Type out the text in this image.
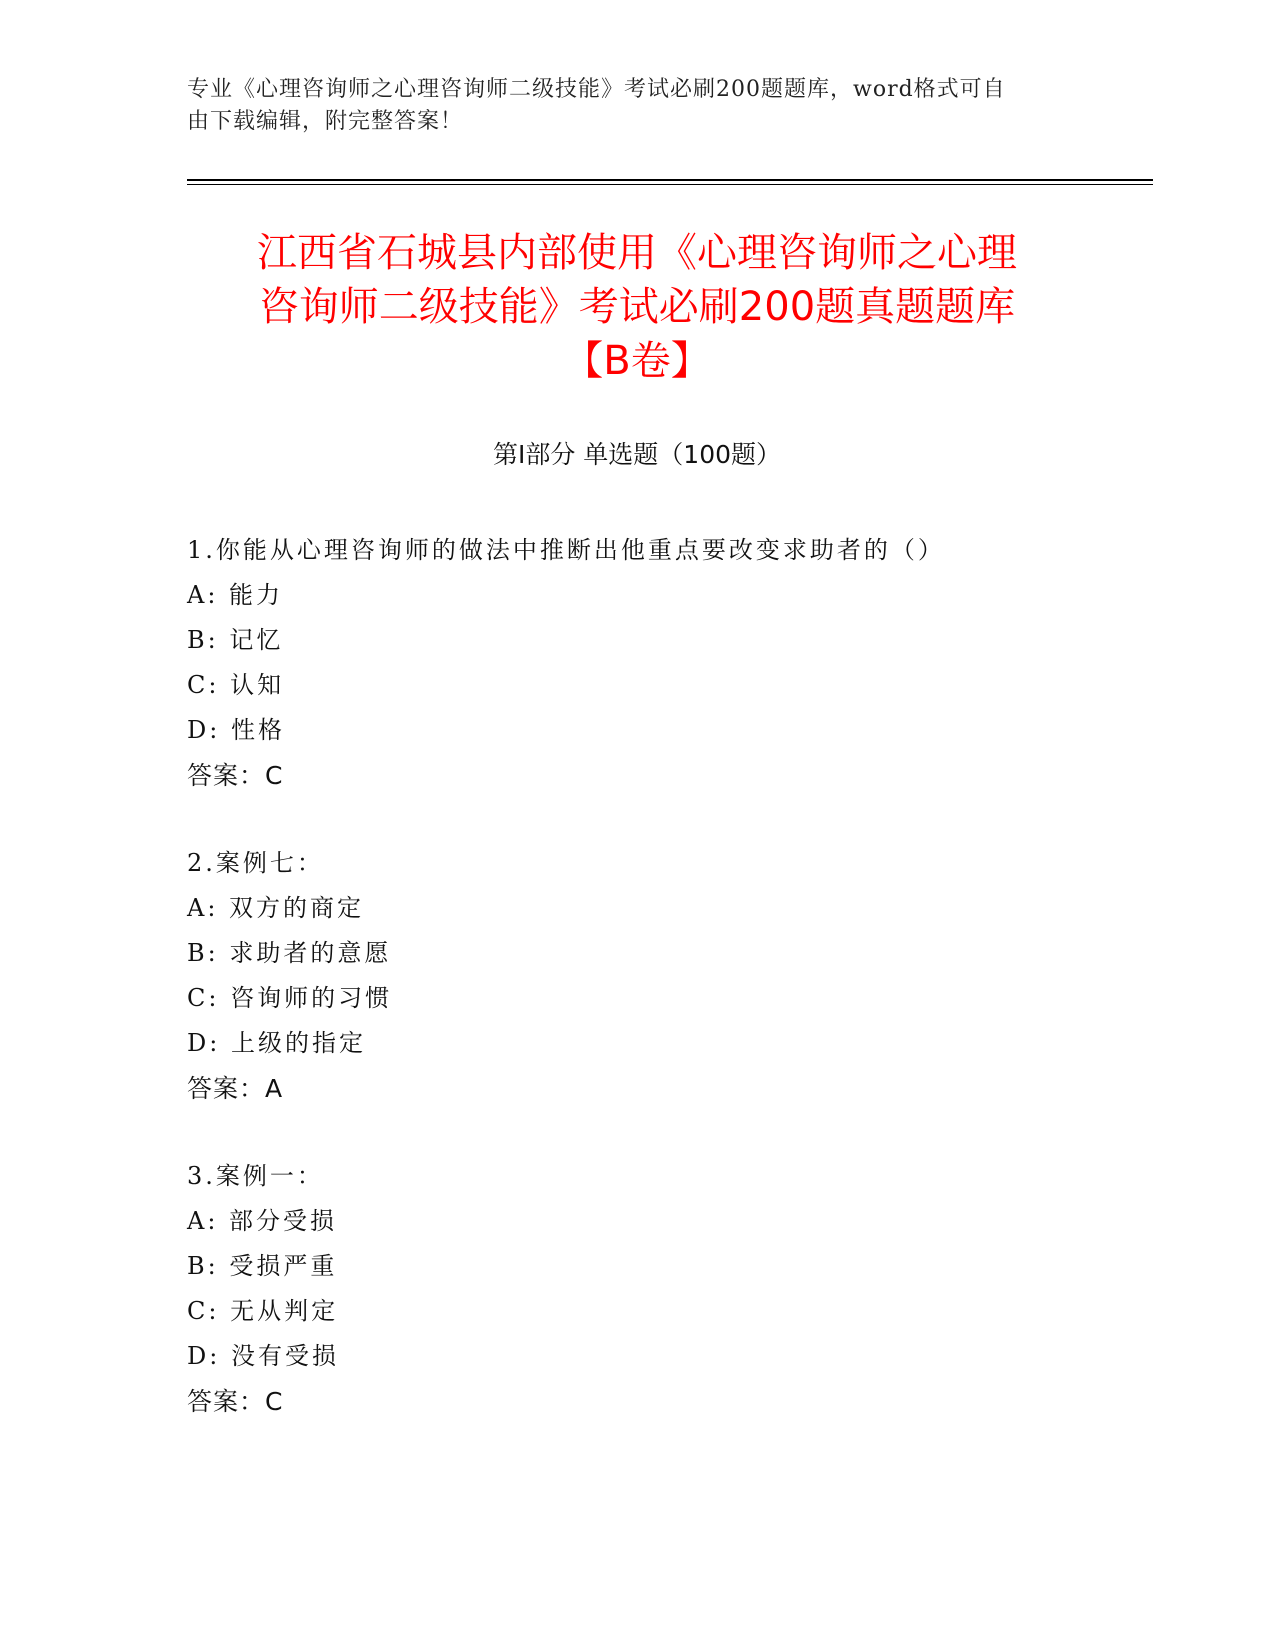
专业《心理咨询师之心理咨询师二级技能》考试必刷200题题库，word格式可自
由下载编辑，附完整答案！
江西省石城县内部使用《心理咨询师之心理
咨询师二级技能》考试必刷200题真题题库
【B卷】
第Ⅰ部分 单选题（100题）
1.你能从心理咨询师的做法中推断出他重点要改变求助者的（）
A: 能力
B: 记忆
C: 认知
D: 性格
答案：C
2.案例七：
A: 双方的商定
B: 求助者的意愿
C: 咨询师的习惯
D: 上级的指定
答案：A
3.案例一：
A: 部分受损
B: 受损严重
C: 无从判定
D: 没有受损
答案：C
